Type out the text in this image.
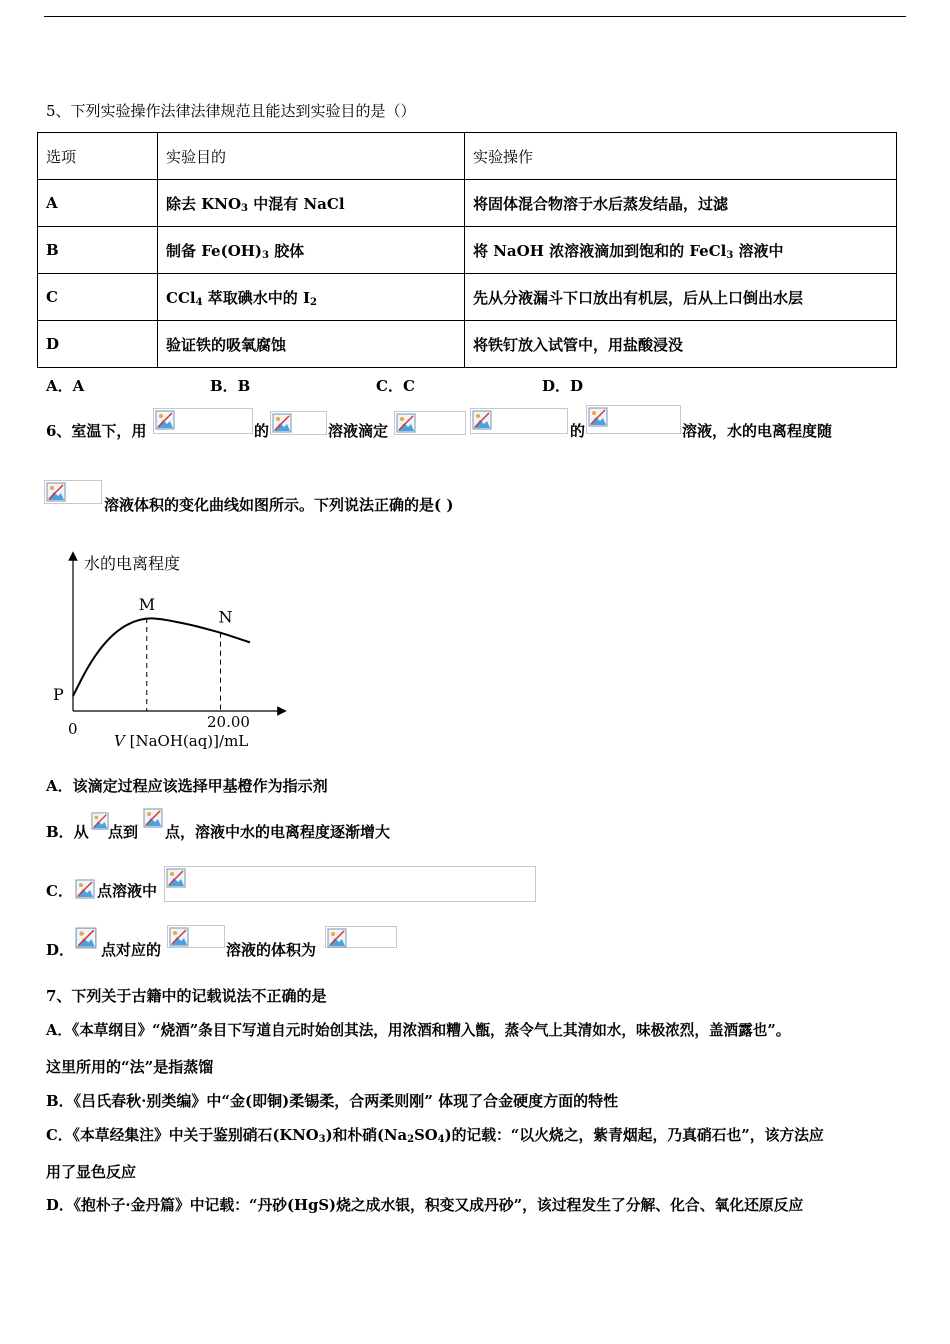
5、下列实验操作法律法律规范且能达到实验目的是（）
选项	实验目的	实验操作
A	除去 $KNO_3$ 中混有 NaCl	将固体混合物溶于水后蒸发结晶，过滤
B	制备 $Fe(OH)_3$ 胶体	将 NaOH 浓溶液滴加到饱和的 FeCl$_3$ 溶液中
C	CCl$_4$ 萃取碘水中的 $I_2$	先从分液漏斗下口放出有机层，后从上口倒出水层
D	验证铁的吸氧腐蚀	将铁钉放入试管中，用盐酸浸没
A．A	B．B	C．C	D．D
6、室温下，用	的	溶液滴定	的	溶液，水的电离程度随
溶液体积的变化曲线如图所示。下列说法正确的是( )
水的电离程度
0	20.00
V [NaOH(aq)]/mL
P
M
N
A．该滴定过程应该选择甲基橙作为指示剂
B．从 点到 点，溶液中水的电离程度逐渐增大
C． 点溶液中
D． 点对应的	溶液的体积为
7、下列关于古籍中的记载说法不正确的是
A．《本草纲目》“烧酒”条目下写道自元时始创其法，用浓酒和糟入甑，蒸令气上其清如水，味极浓烈，盖酒露也”。
这里所用的“法”是指蒸馏
B．《吕氏春秋·别类编》中“金(即铜)柔锡柔，合两柔则刚” 体现了合金硬度方面的特性
C．《本草经集注》中关于鉴别硝石$(KNO_3)$和朴硝$(Na_2SO_4)$的记载：“以火烧之，紫青烟起，乃真硝石也”，该方法应
用了显色反应
D．《抱朴子·金丹篇》中记载：“丹砂(HgS)烧之成水银，积变又成丹砂”，该过程发生了分解、化合、氧化还原反应
